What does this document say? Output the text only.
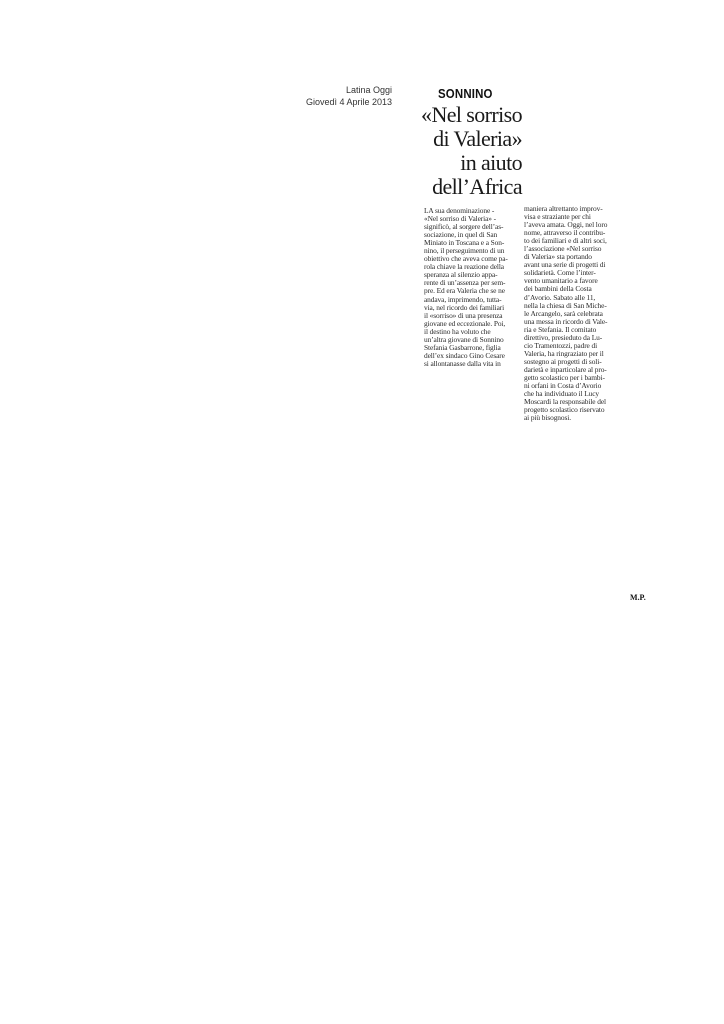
Latina Oggi
Giovedì 4 Aprile 2013
SONNINO
«Nel sorriso
di Valeria»
in aiuto
dell’Africa
LA sua denominazione -
«Nel sorriso di Valeria» -
significò, al sorgere dell’as-
sociazione, in quel di San
Miniato in Toscana e a Son-
nino, il perseguimento di un
obiettivo che aveva come pa-
rola chiave la reazione della
speranza al silenzio appa-
rente di un’assenza per sem-
pre. Ed era Valeria che se ne
andava, imprimendo, tutta-
via, nel ricordo dei familiari
il «sorriso» di una presenza
giovane ed eccezionale. Poi,
il destino ha voluto che
un’altra giovane di Sonnino
Stefania Gasbarrone, figlia
dell’ex sindaco Gino Cesare
si allontanasse dalla vita in
maniera altrettanto improv-
visa e straziante per chi
l’aveva amata. Oggi, nel loro
nome, attraverso il contribu-
to dei familiari e di altri soci,
l’associazione «Nel sorriso
di Valeria» sta portando
avant una serie di progetti di
solidarietà. Come l’inter-
vento umanitario a favore
dei bambini della Costa
d’Avorio. Sabato alle 11,
nella la chiesa di San Miche-
le Arcangelo, sarà celebrata
una messa in ricordo di Vale-
ria e Stefania. Il comitato
direttivo, presieduto da Lu-
cio Tramentozzi, padre di
Valeria, ha ringraziato per il
sostegno ai progetti di soli-
darietà e inparticolare al pro-
getto scolastico per i bambi-
ni orfani in Costa d’Avorio
che ha individuato il Lucy
Moscardi la responsabile del
progetto scolastico riservato
ai più bisognosi.
M.P.
